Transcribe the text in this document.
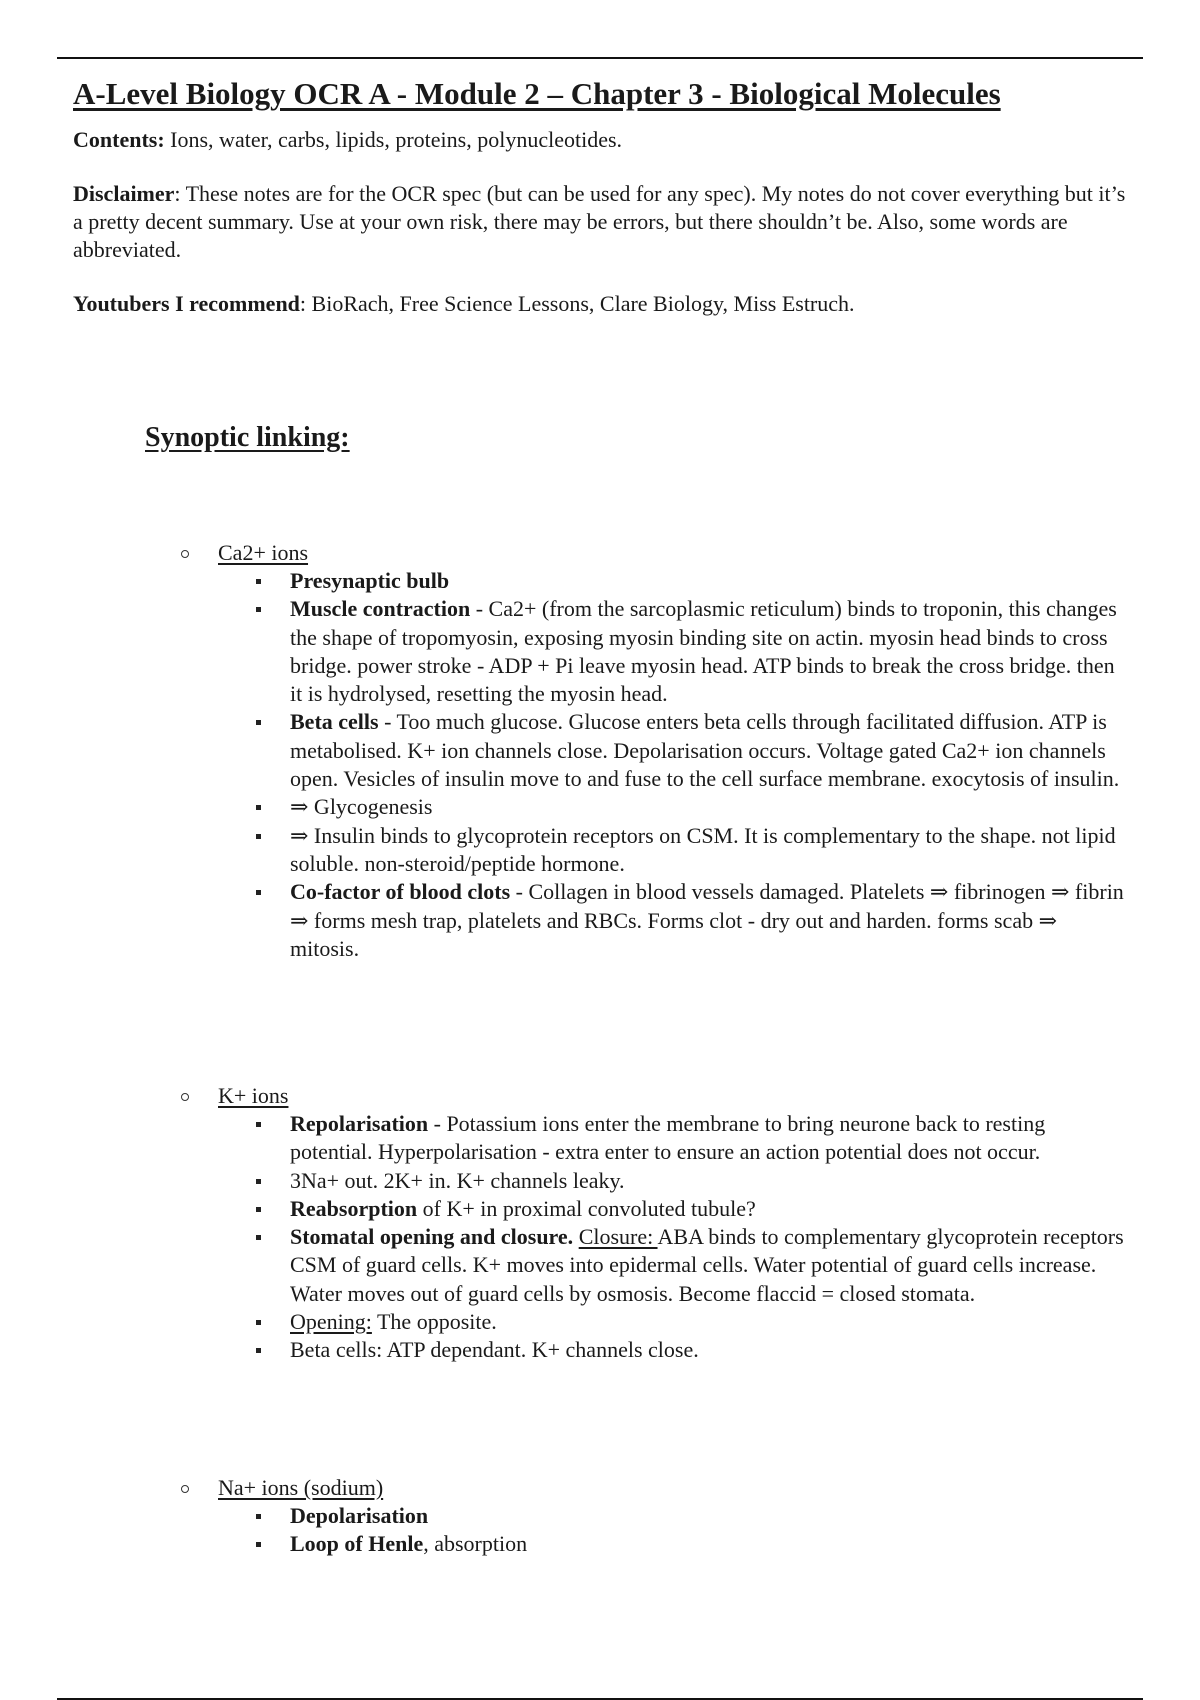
A-Level Biology OCR A - Module 2 – Chapter 3 - Biological Molecules

Contents: Ions, water, carbs, lipids, proteins, polynucleotides.

Disclaimer: These notes are for the OCR spec (but can be used for any spec). My notes do not cover everything but it’s a pretty decent summary. Use at your own risk, there may be errors, but there shouldn’t be. Also, some words are abbreviated.

Youtubers I recommend: BioRach, Free Science Lessons, Clare Biology, Miss Estruch.

Synoptic linking:
Ca2+ ions
Presynaptic bulb
Muscle contraction - Ca2+ (from the sarcoplasmic reticulum) binds to troponin, this changes the shape of tropomyosin, exposing myosin binding site on actin. myosin head binds to cross bridge. power stroke - ADP + Pi leave myosin head. ATP binds to break the cross bridge. then it is hydrolysed, resetting the myosin head.
Beta cells - Too much glucose. Glucose enters beta cells through facilitated diffusion. ATP is metabolised. K+ ion channels close. Depolarisation occurs. Voltage gated Ca2+ ion channels open. Vesicles of insulin move to and fuse to the cell surface membrane. exocytosis of insulin.
⇒ Glycogenesis
⇒ Insulin binds to glycoprotein receptors on CSM. It is complementary to the shape. not lipid soluble. non-steroid/peptide hormone.
Co-factor of blood clots - Collagen in blood vessels damaged. Platelets ⇒ fibrinogen ⇒ fibrin ⇒ forms mesh trap, platelets and RBCs. Forms clot - dry out and harden. forms scab ⇒ mitosis.
K+ ions
Repolarisation - Potassium ions enter the membrane to bring neurone back to resting potential. Hyperpolarisation - extra enter to ensure an action potential does not occur.
3Na+ out. 2K+ in. K+ channels leaky.
Reabsorption of K+ in proximal convoluted tubule?
Stomatal opening and closure. Closure: ABA binds to complementary glycoprotein receptors CSM of guard cells. K+ moves into epidermal cells. Water potential of guard cells increase. Water moves out of guard cells by osmosis. Become flaccid = closed stomata.
Opening: The opposite.
Beta cells: ATP dependant. K+ channels close.
Na+ ions (sodium)
Depolarisation
Loop of Henle, absorption
